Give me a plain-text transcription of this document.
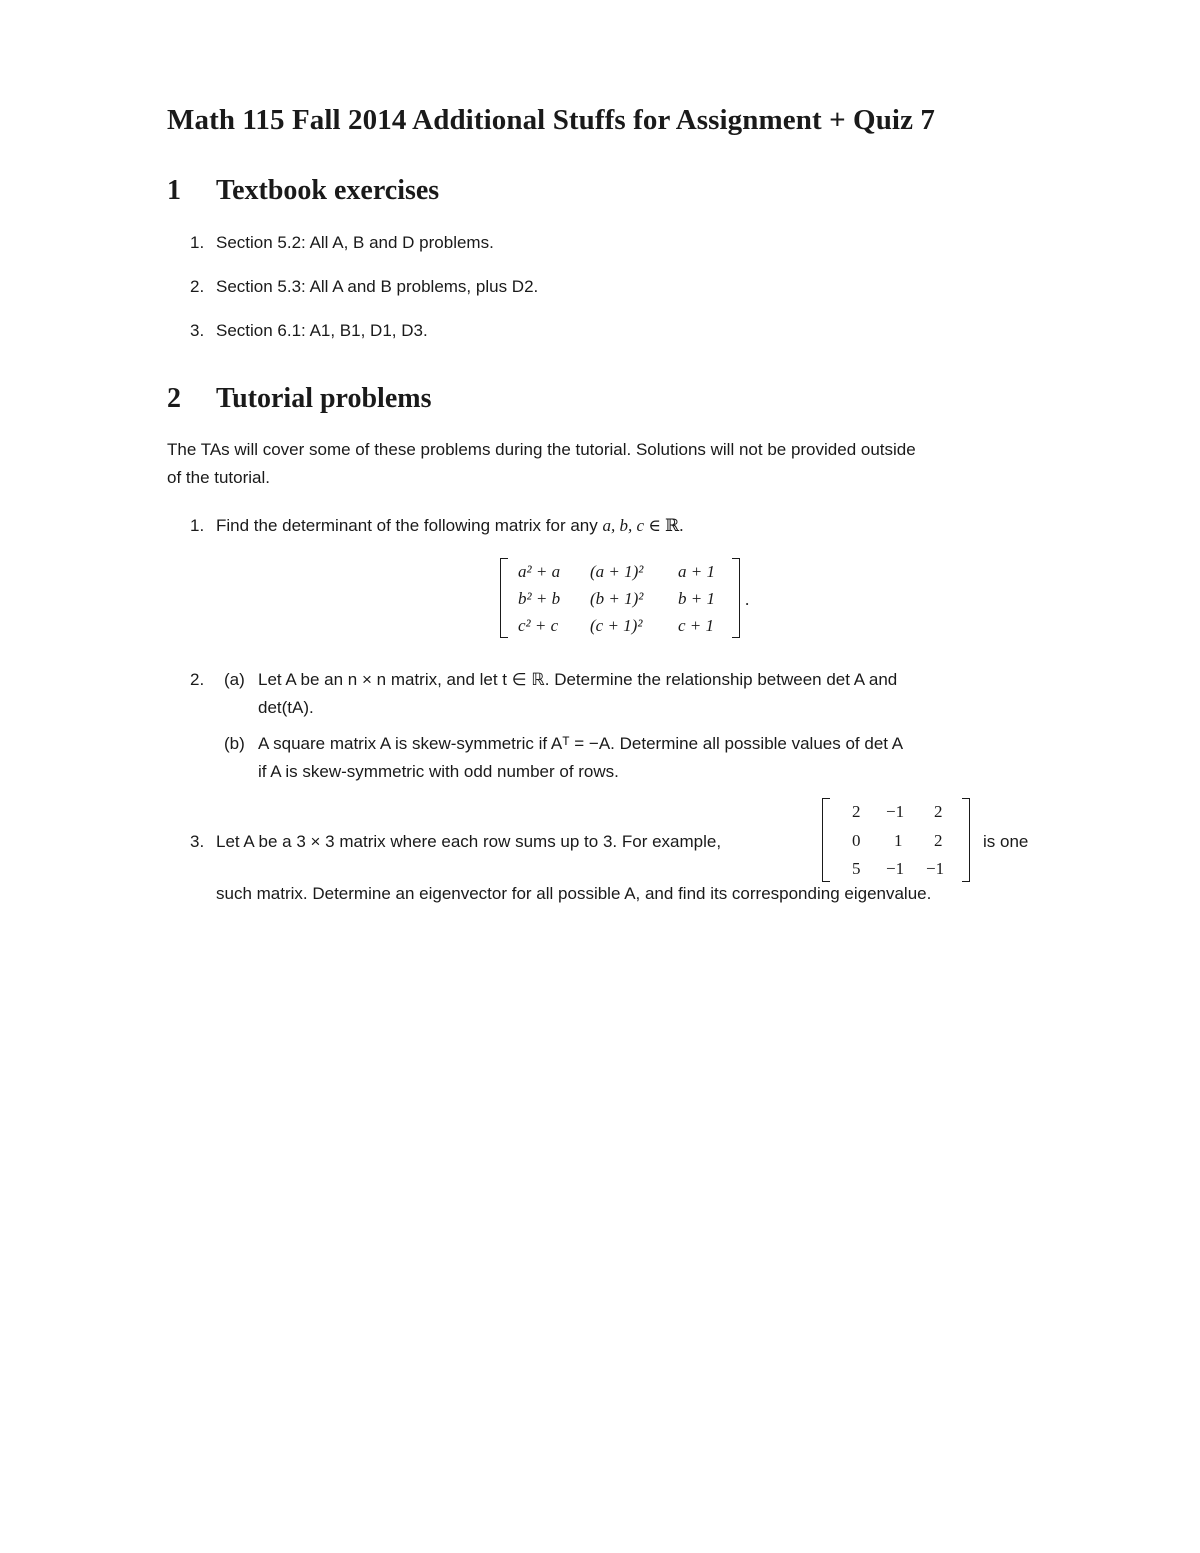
Math 115 Fall 2014 Additional Stuffs for Assignment + Quiz 7
1 Textbook exercises
1. Section 5.2: All A, B and D problems.
2. Section 5.3: All A and B problems, plus D2.
3. Section 6.1: A1, B1, D1, D3.
2 Tutorial problems
The TAs will cover some of these problems during the tutorial. Solutions will not be provided outside
of the tutorial.
1. Find the determinant of the following matrix for any a, b, c ∈ ℝ.
a² + a (a + 1)² a + 1
b² + b (b + 1)² b + 1
c² + c (c + 1)² c + 1
.
2. (a) Let A be an n × n matrix, and let t ∈ ℝ. Determine the relationship between det A and
det(tA).
(b) A square matrix A is skew-symmetric if Aᵀ = −A. Determine all possible values of det A
if A is skew-symmetric with odd number of rows.
3. Let A be a 3 × 3 matrix where each row sums up to 3. For example,
2 −1 2
0 1 2
5 −1 −1
is one
such matrix. Determine an eigenvector for all possible A, and find its corresponding eigenvalue.
